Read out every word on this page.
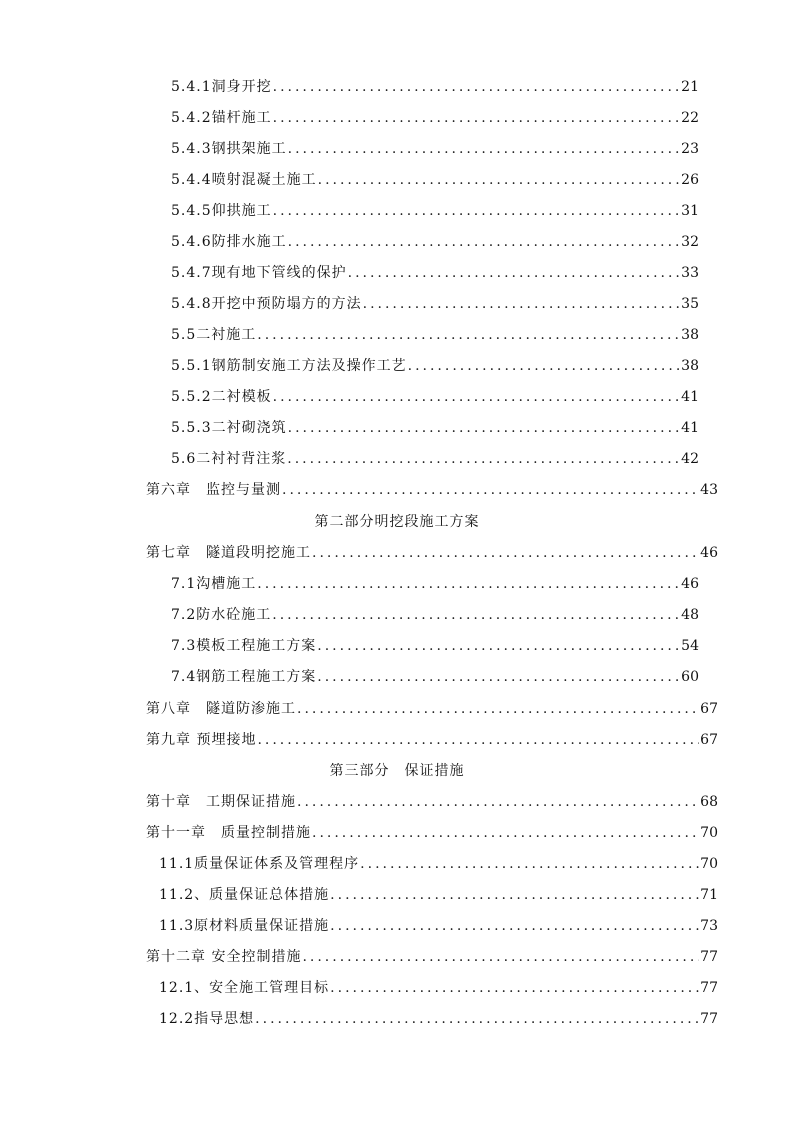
5.4.1洞身开挖 .....	21
5.4.2锚杆施工 .....	22
5.4.3钢拱架施工 .....	23
5.4.4喷射混凝土施工 .....	26
5.4.5仰拱施工 .....	31
5.4.6防排水施工 .....	32
5.4.7现有地下管线的保护 .....	33
5.4.8开挖中预防塌方的方法 .....	35
5.5二衬施工 .....	38
5.5.1钢筋制安施工方法及操作工艺 .....	38
5.5.2二衬模板 .....	41
5.5.3二衬砌浇筑 .....	41
5.6二衬衬背注浆 .....	42
第六章　监控与量测 .....	43
第二部分明挖段施工方案
第七章　隧道段明挖施工 .....	46
7.1沟槽施工 .....	46
7.2防水砼施工 .....	48
7.3模板工程施工方案 .....	54
7.4钢筋工程施工方案 .....	60
第八章　隧道防渗施工 .....	67
第九章 预埋接地 .....	67
第三部分　保证措施
第十章　工期保证措施 .....	68
第十一章　质量控制措施 .....	70
11.1质量保证体系及管理程序 .....	70
11.2、质量保证总体措施 .....	71
11.3原材料质量保证措施 .....	73
第十二章 安全控制措施 .....	77
12.1、安全施工管理目标 .....	77
12.2指导思想 .....	77
